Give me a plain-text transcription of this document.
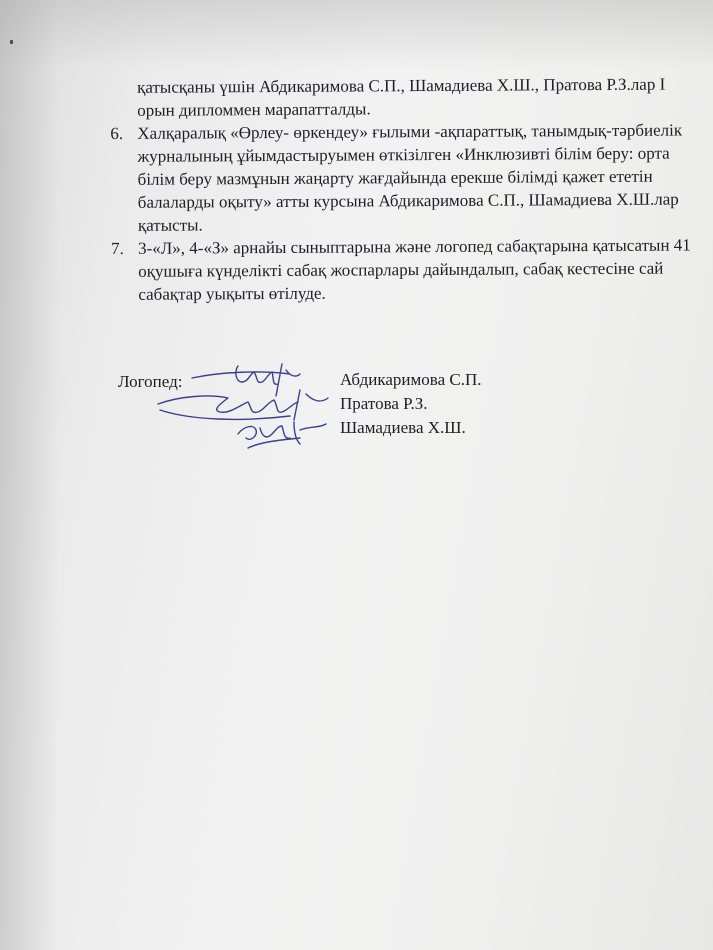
қатысқаны үшін Абдикаримова С.П., Шамадиева Х.Ш., Пратова Р.З.лар I орын дипломмен марапатталды.

6. Халқаралық «Өрлеу- өркендеу» ғылыми -ақпараттық, танымдық-тәрбиелік журналының ұйымдастыруымен өткізілген «Инклюзивті білім беру: орта білім беру мазмұнын жаңарту жағдайында ерекше білімді қажет ететін балаларды оқыту» атты курсына Абдикаримова С.П., Шамадиева Х.Ш.лар қатысты.
7. 3-«Л», 4-«З» арнайы сыныптарына және логопед сабақтарына қатысатын 41 оқушыға күнделікті сабақ жоспарлары дайындалып, сабақ кестесіне сай сабақтар уықыты өтілуде.
Логопед:	Абдикаримова С.П.
Пратова Р.З.
Шамадиева Х.Ш.
